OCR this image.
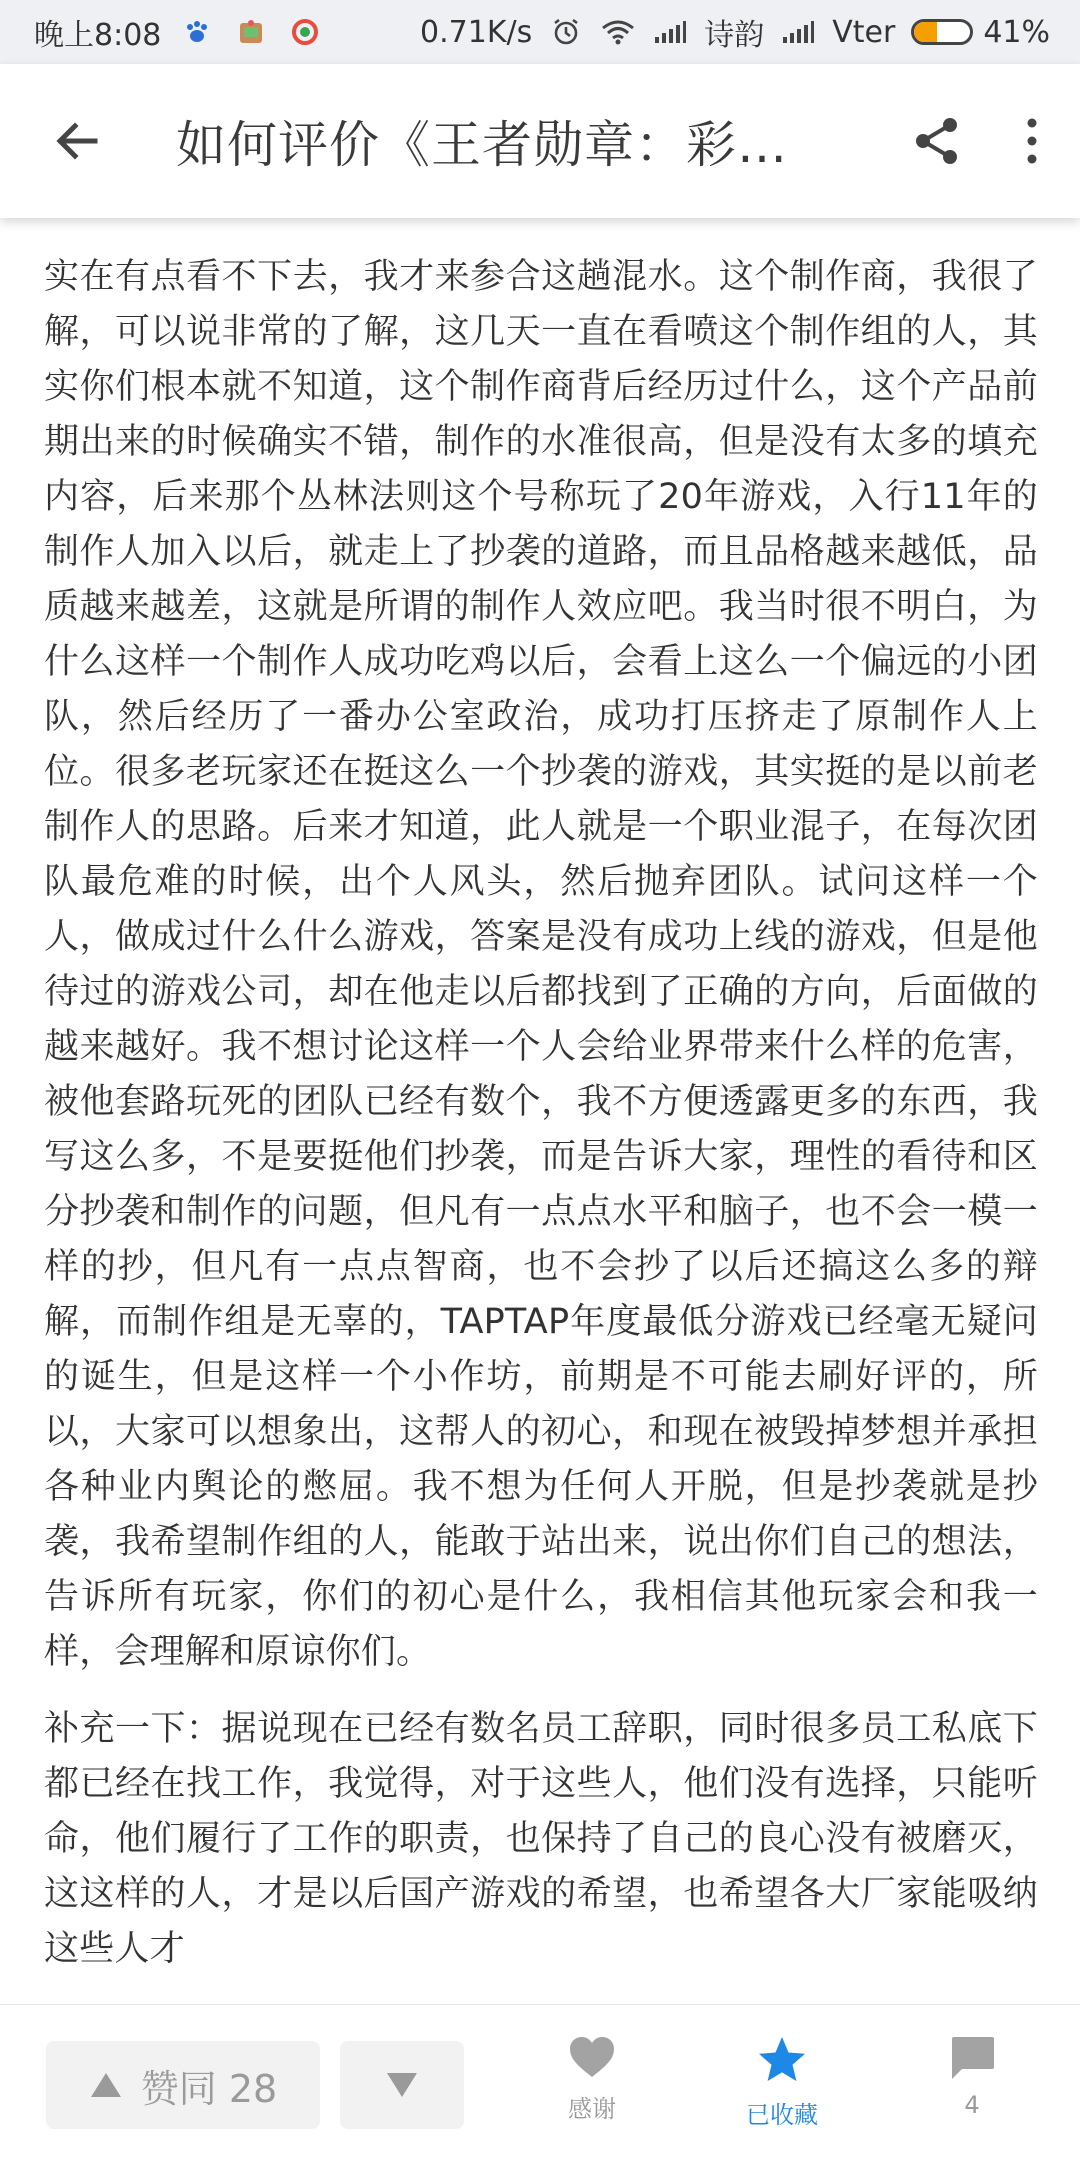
晚上8:08	0.71K/s	诗韵 Vter	41%
如何评价《王者勋章：彩…

实在有点看不下去，我才来参合这趟混水。这个制作商，我很了解，可以说非常的了解，这几天一直在看喷这个制作组的人，其实你们根本就不知道，这个制作商背后经历过什么，这个产品前期出来的时候确实不错，制作的水准很高，但是没有太多的填充内容，后来那个丛林法则这个号称玩了20年游戏，入行11年的制作人加入以后，就走上了抄袭的道路，而且品格越来越低，品质越来越差，这就是所谓的制作人效应吧。我当时很不明白，为什么这样一个制作人成功吃鸡以后，会看上这么一个偏远的小团队，然后经历了一番办公室政治，成功打压挤走了原制作人上位。很多老玩家还在挺这么一个抄袭的游戏，其实挺的是以前老制作人的思路。后来才知道，此人就是一个职业混子，在每次团队最危难的时候，出个人风头，然后抛弃团队。试问这样一个人，做成过什么什么游戏，答案是没有成功上线的游戏，但是他待过的游戏公司，却在他走以后都找到了正确的方向，后面做的越来越好。我不想讨论这样一个人会给业界带来什么样的危害，被他套路玩死的团队已经有数个，我不方便透露更多的东西，我写这么多，不是要挺他们抄袭，而是告诉大家，理性的看待和区分抄袭和制作的问题，但凡有一点点水平和脑子，也不会一模一样的抄，但凡有一点点智商，也不会抄了以后还搞这么多的辩解，而制作组是无辜的，TAPTAP年度最低分游戏已经毫无疑问的诞生，但是这样一个小作坊，前期是不可能去刷好评的，所以，大家可以想象出，这帮人的初心，和现在被毁掉梦想并承担各种业内舆论的憋屈。我不想为任何人开脱，但是抄袭就是抄袭，我希望制作组的人，能敢于站出来，说出你们自己的想法，告诉所有玩家，你们的初心是什么，我相信其他玩家会和我一样，会理解和原谅你们。

补充一下：据说现在已经有数名员工辞职，同时很多员工私底下都已经在找工作，我觉得，对于这些人，他们没有选择，只能听命，他们履行了工作的职责，也保持了自己的良心没有被磨灭，这这样的人，才是以后国产游戏的希望，也希望各大厂家能吸纳这些人才

赞同 28	感谢	已收藏	4
